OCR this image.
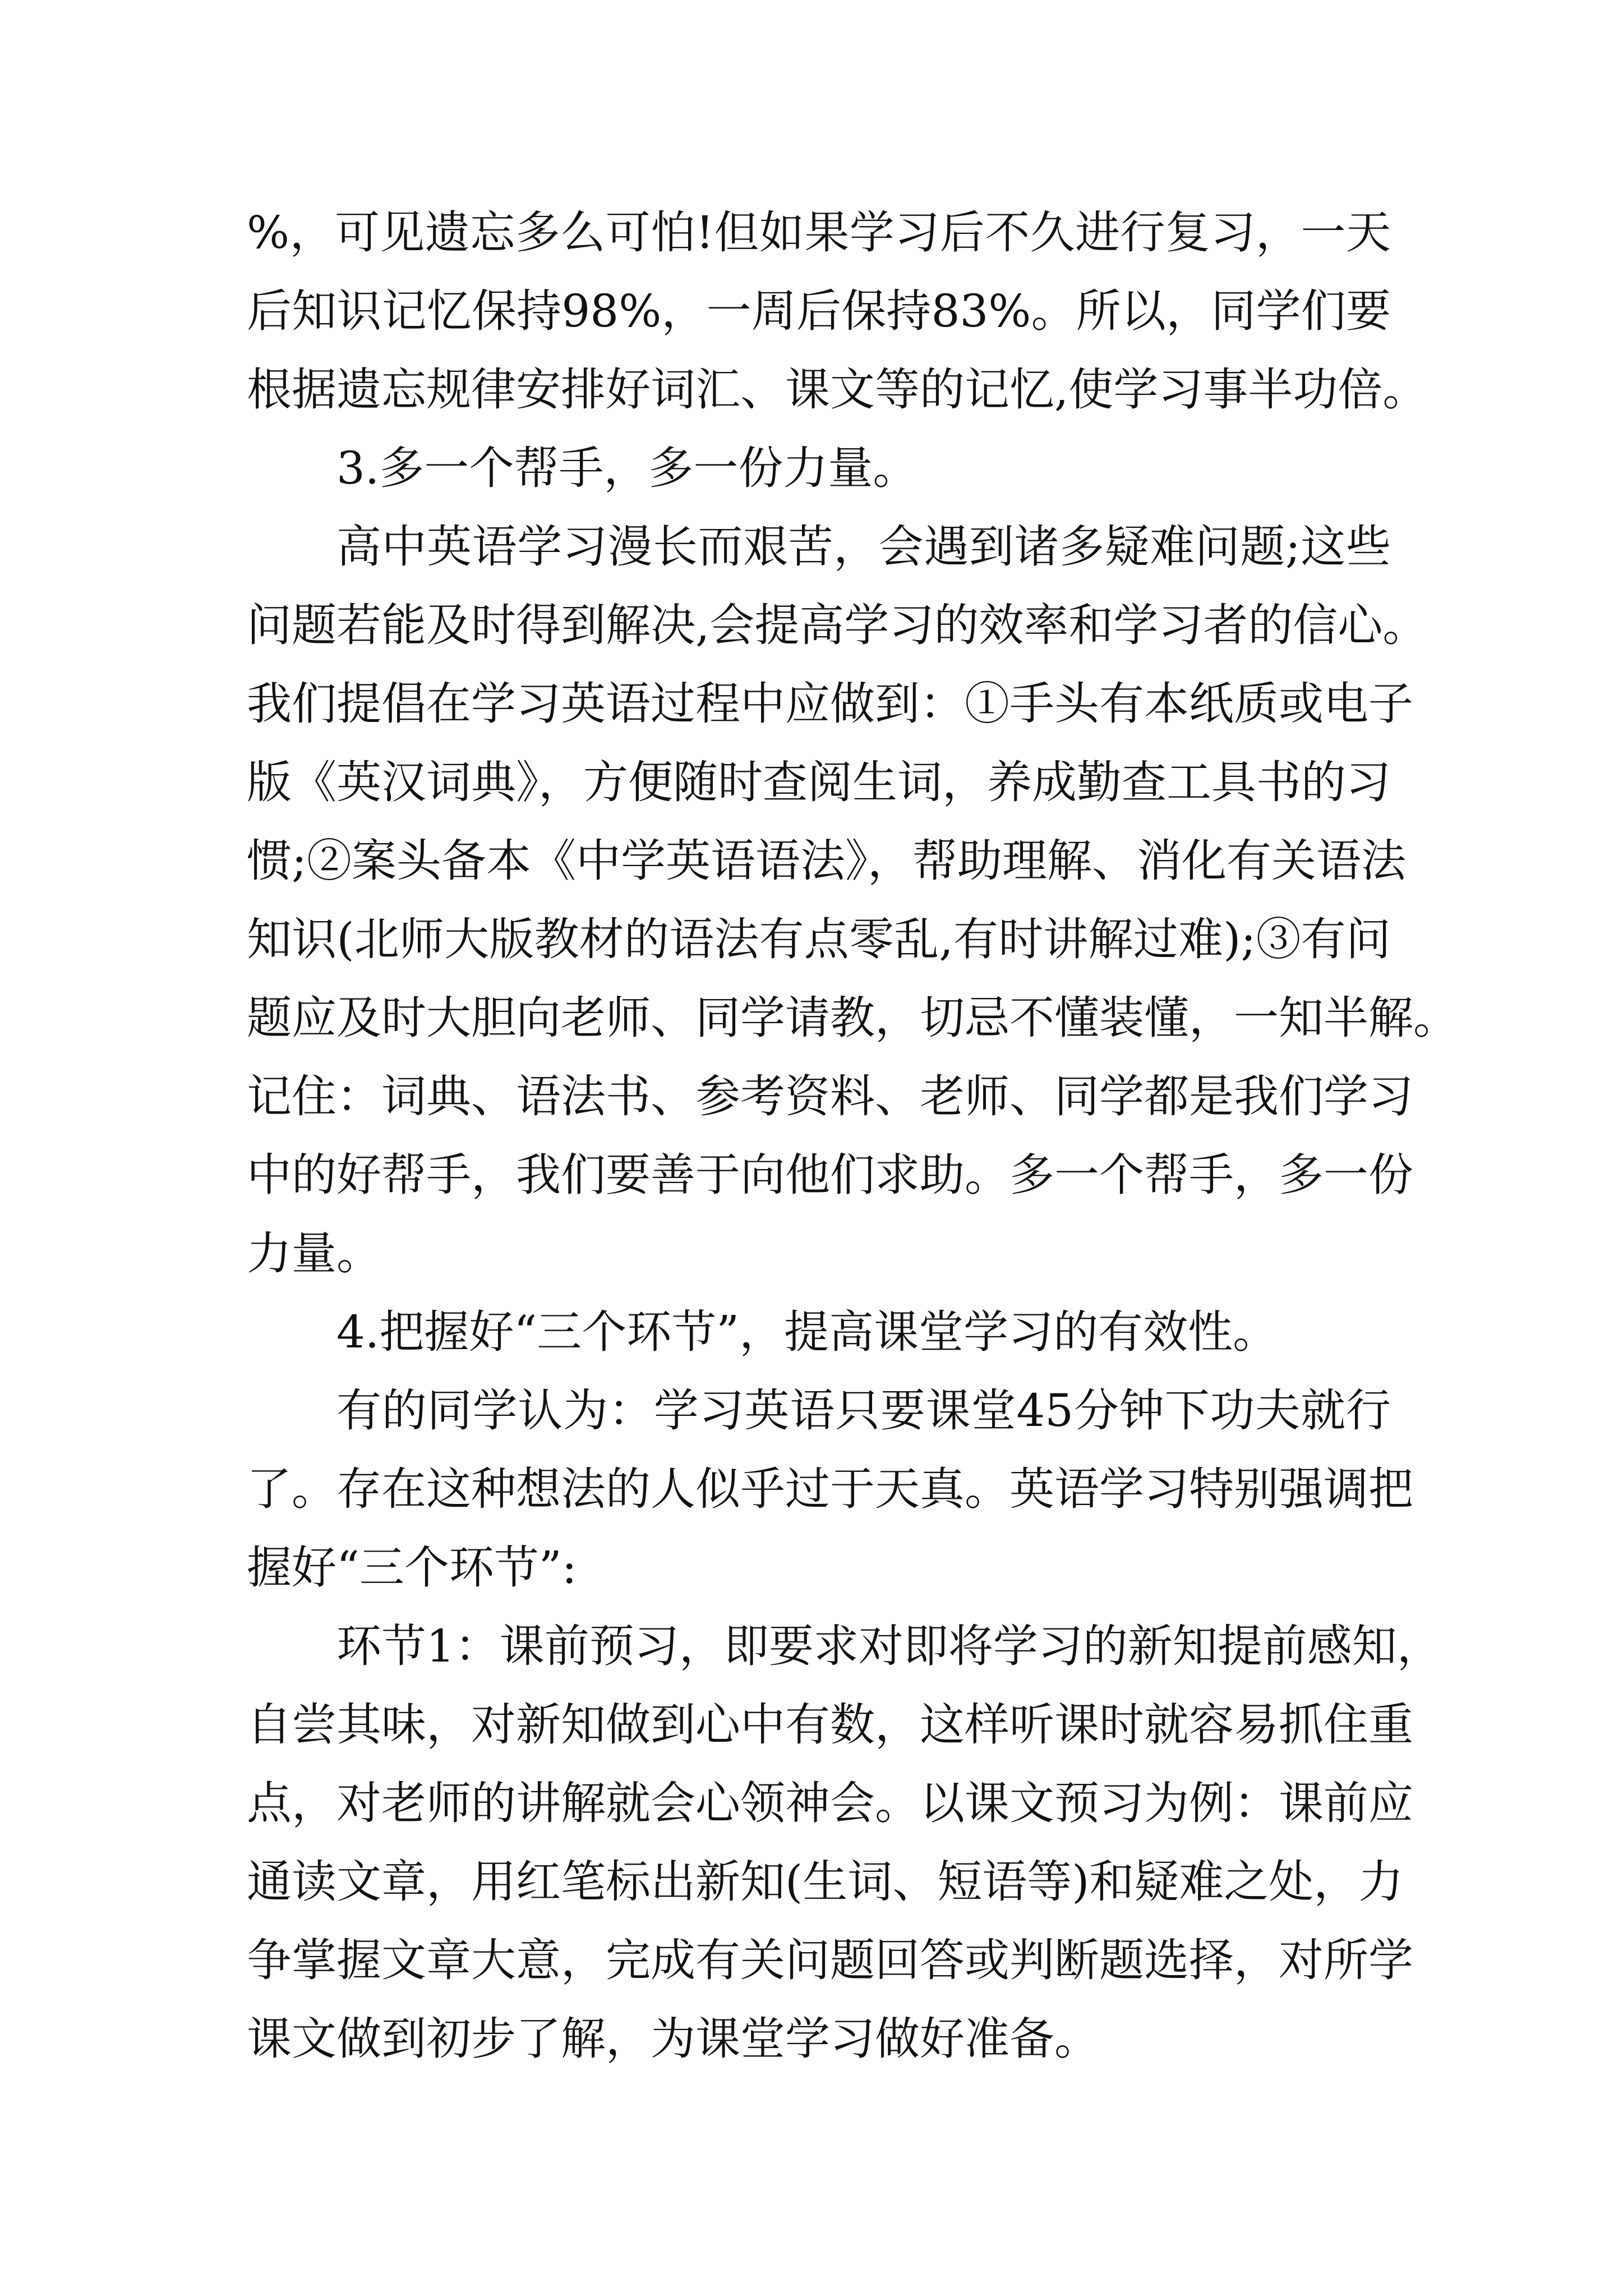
%，可见遗忘多么可怕!但如果学习后不久进行复习，一天
后知识记忆保持98%，一周后保持83%。所以，同学们要
根据遗忘规律安排好词汇、课文等的记忆,使学习事半功倍。
3.多一个帮手，多一份力量。
高中英语学习漫长而艰苦，会遇到诸多疑难问题;这些
问题若能及时得到解决,会提高学习的效率和学习者的信心。
我们提倡在学习英语过程中应做到：①手头有本纸质或电子
版《英汉词典》，方便随时查阅生词，养成勤查工具书的习
惯;②案头备本《中学英语语法》，帮助理解、消化有关语法
知识(北师大版教材的语法有点零乱,有时讲解过难);③有问
题应及时大胆向老师、同学请教，切忌不懂装懂，一知半解。
记住：词典、语法书、参考资料、老师、同学都是我们学习
中的好帮手，我们要善于向他们求助。多一个帮手，多一份
力量。
4.把握好“三个环节”，提高课堂学习的有效性。
有的同学认为：学习英语只要课堂45分钟下功夫就行
了。存在这种想法的人似乎过于天真。英语学习特别强调把
握好“三个环节”:
环节1：课前预习，即要求对即将学习的新知提前感知，
自尝其味，对新知做到心中有数，这样听课时就容易抓住重
点，对老师的讲解就会心领神会。以课文预习为例：课前应
通读文章，用红笔标出新知(生词、短语等)和疑难之处，力
争掌握文章大意，完成有关问题回答或判断题选择，对所学
课文做到初步了解，为课堂学习做好准备。
